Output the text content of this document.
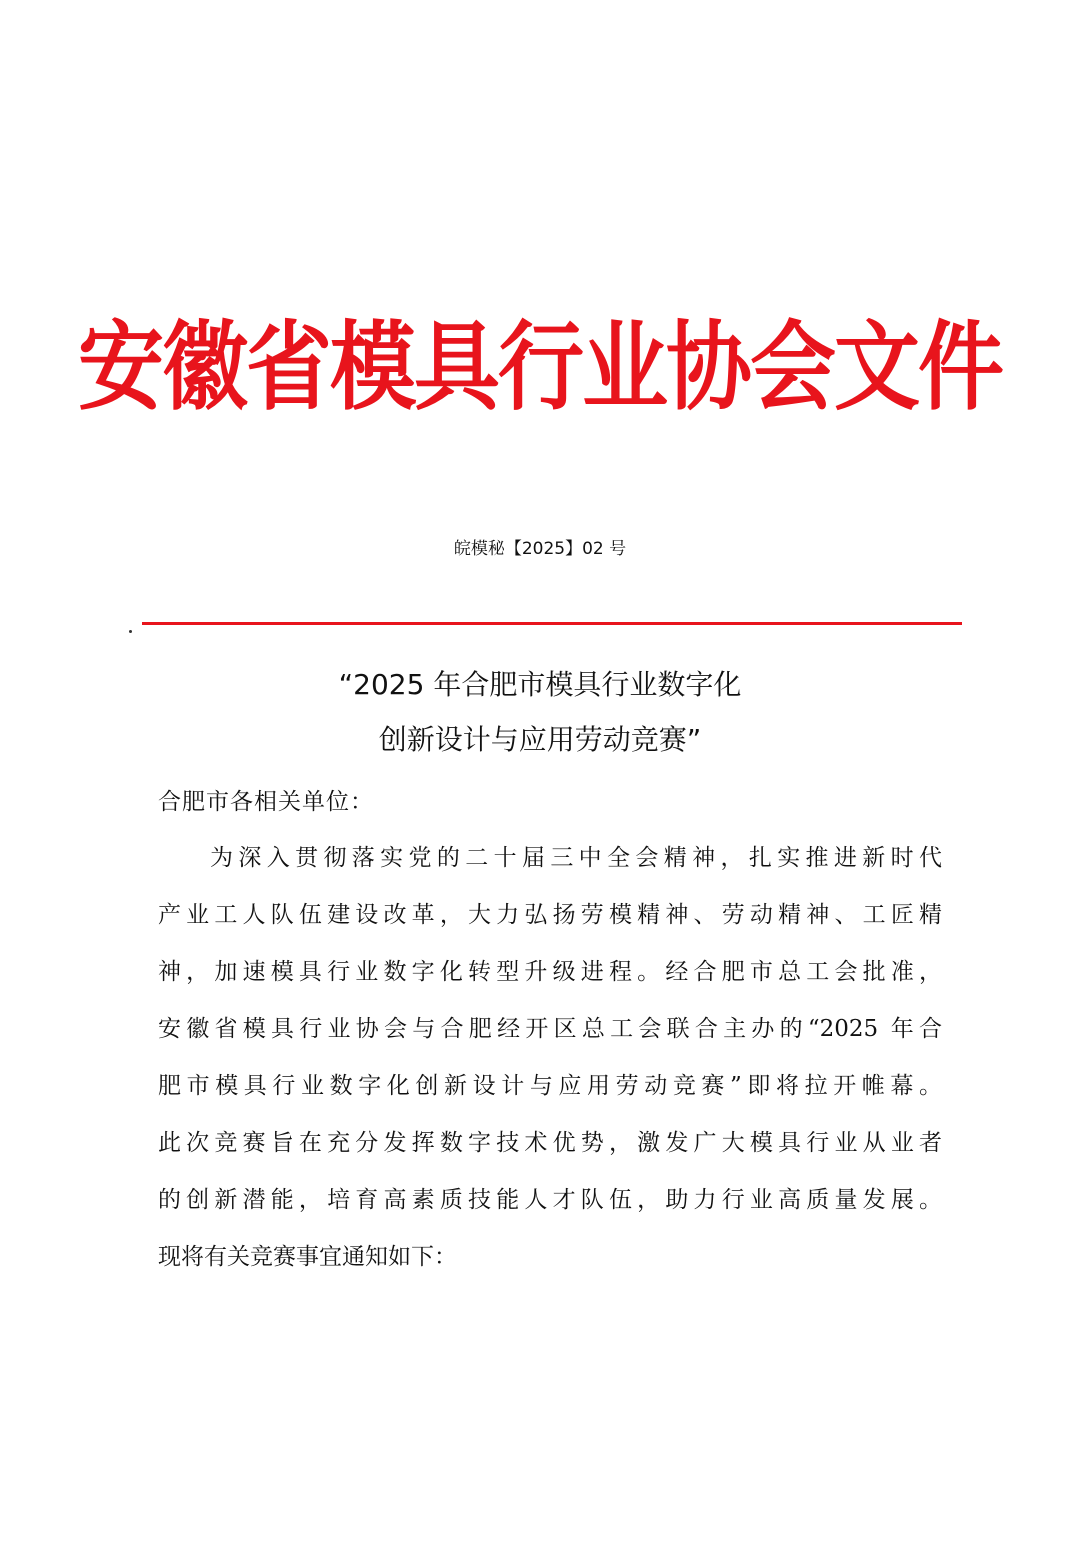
安徽省模具行业协会文件
皖模秘【2025】02 号
“2025 年合肥市模具行业数字化
创新设计与应用劳动竞赛”
合肥市各相关单位：
为深入贯彻落实党的二十届三中全会精神，扎实推进新时代
产业工人队伍建设改革，大力弘扬劳模精神、劳动精神、工匠精
神，加速模具行业数字化转型升级进程。经合肥市总工会批准，
安徽省模具行业协会与合肥经开区总工会联合主办的“2025 年合
肥市模具行业数字化创新设计与应用劳动竞赛”即将拉开帷幕。
此次竞赛旨在充分发挥数字技术优势，激发广大模具行业从业者
的创新潜能，培育高素质技能人才队伍，助力行业高质量发展。
现将有关竞赛事宜通知如下：
